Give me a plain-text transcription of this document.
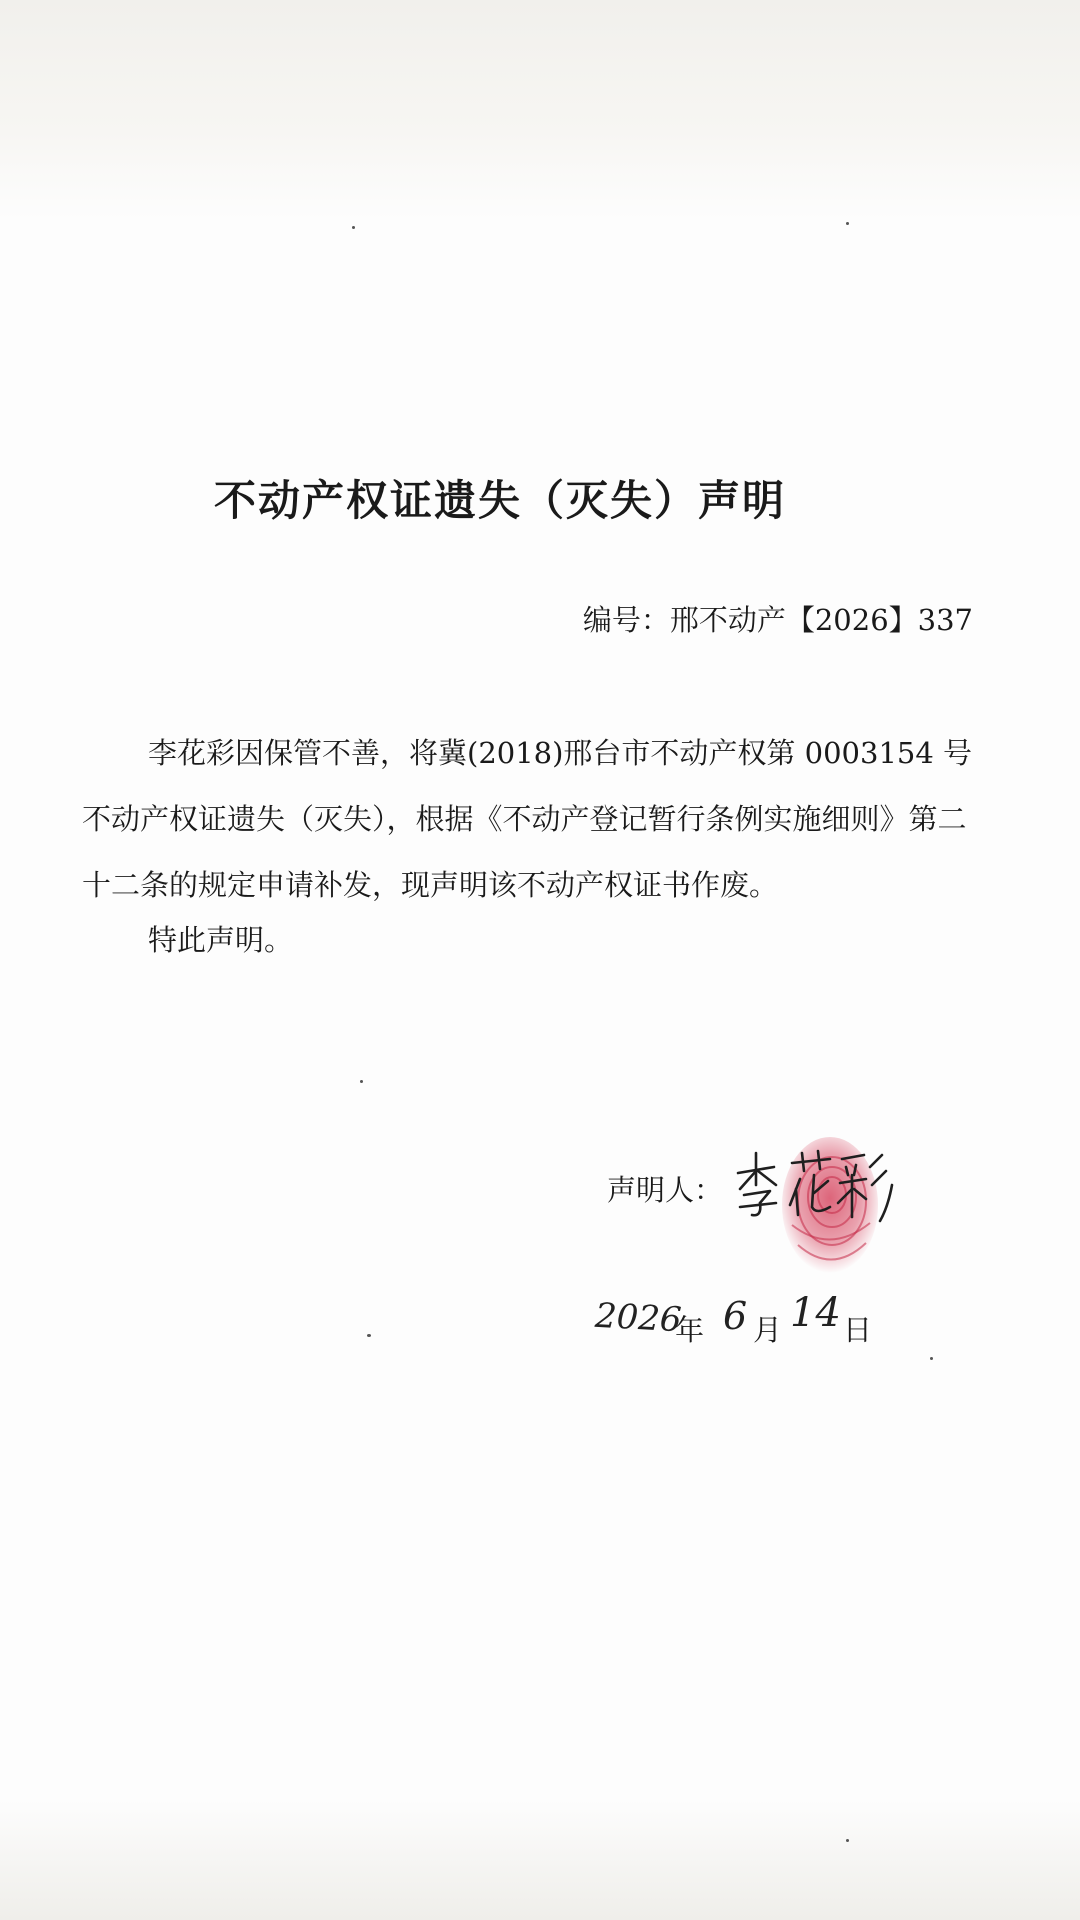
不动产权证遗失（灭失）声明
编号：邢不动产【2026】337

李花彩因保管不善，将冀(2018)邢台市不动产权第 0003154 号不动产权证遗失（灭失），根据《不动产登记暂行条例实施细则》第二十二条的规定申请补发，现声明该不动产权证书作废。

特此声明。
声明人：
2026
年 6 月 14 日
